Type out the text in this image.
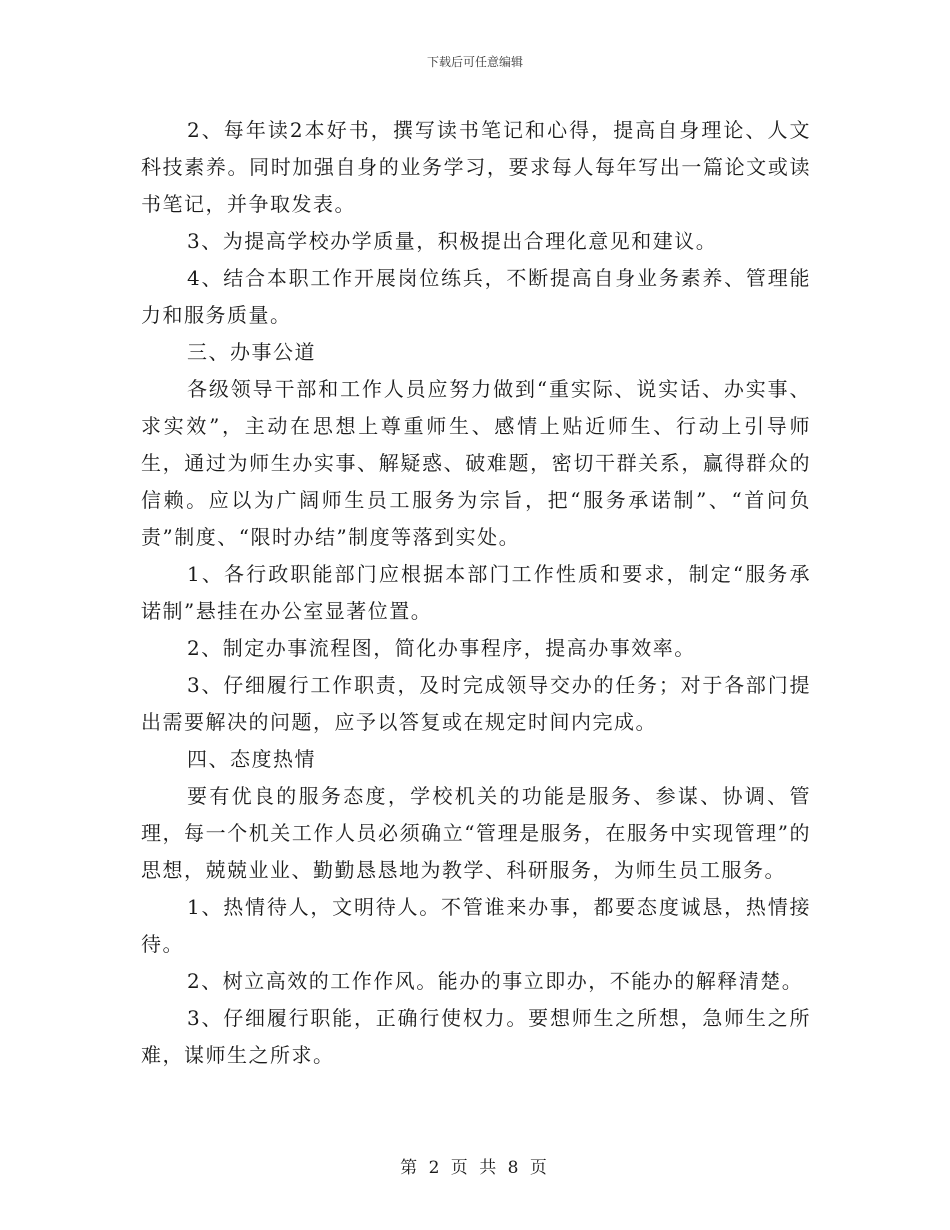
下载后可任意编辑

2、每年读2本好书，撰写读书笔记和心得，提高自身理论、人文科技素养。同时加强自身的业务学习，要求每人每年写出一篇论文或读书笔记，并争取发表。

3、为提高学校办学质量，积极提出合理化意见和建议。

4、结合本职工作开展岗位练兵，不断提高自身业务素养、管理能力和服务质量。

三、办事公道

各级领导干部和工作人员应努力做到“重实际、说实话、办实事、求实效”，主动在思想上尊重师生、感情上贴近师生、行动上引导师生，通过为师生办实事、解疑惑、破难题，密切干群关系，赢得群众的信赖。应以为广阔师生员工服务为宗旨，把“服务承诺制”、“首问负责”制度、“限时办结”制度等落到实处。

1、各行政职能部门应根据本部门工作性质和要求，制定“服务承诺制”悬挂在办公室显著位置。

2、制定办事流程图，简化办事程序，提高办事效率。

3、仔细履行工作职责，及时完成领导交办的任务；对于各部门提出需要解决的问题，应予以答复或在规定时间内完成。

四、态度热情

要有优良的服务态度，学校机关的功能是服务、参谋、协调、管理，每一个机关工作人员必须确立“管理是服务，在服务中实现管理”的思想，兢兢业业、勤勤恳恳地为教学、科研服务，为师生员工服务。

1、热情待人，文明待人。不管谁来办事，都要态度诚恳，热情接待。

2、树立高效的工作作风。能办的事立即办，不能办的解释清楚。

3、仔细履行职能，正确行使权力。要想师生之所想，急师生之所难，谋师生之所求。

第 2 页 共 8 页
